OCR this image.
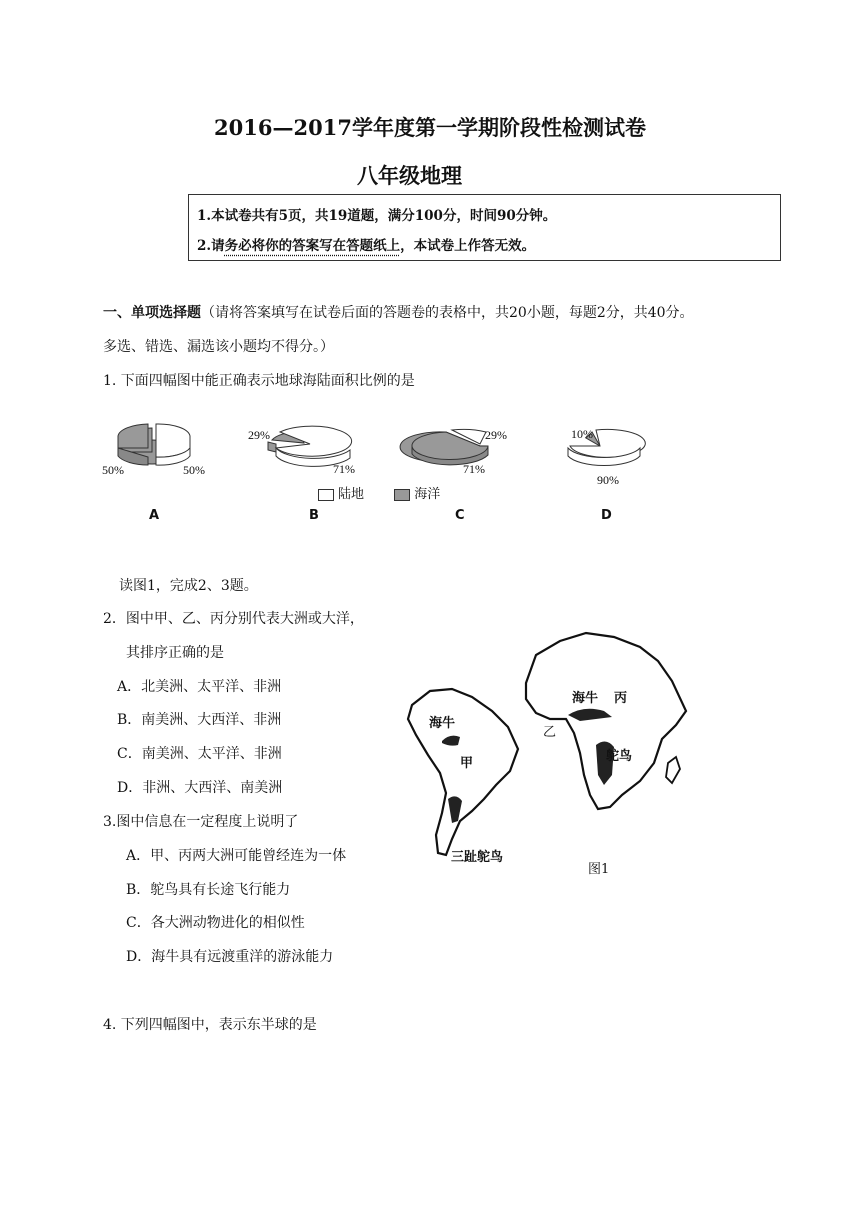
2016—2017学年度第一学期阶段性检测试卷
八年级地理
1.本试卷共有5页，共19道题，满分100分，时间90分钟。
2.请务必将你的答案写在答题纸上，本试卷上作答无效。
一、单项选择题（请将答案填写在试卷后面的答题卷的表格中，共20小题，每题2分，共40分。
多选、错选、漏选该小题均不得分。）
1. 下面四幅图中能正确表示地球海陆面积比例的是
50%	50%
29%
71%
29%
71%
10%
90%
陆地	海洋
A	B	C	D
读图1，完成2、3题。
2．图中甲、乙、丙分别代表大洲或大洋，
其排序正确的是
A．北美洲、太平洋、非洲
B．南美洲、大西洋、非洲
C．南美洲、太平洋、非洲
D．非洲、大西洋、南美洲
3.图中信息在一定程度上说明了
A．甲、丙两大洲可能曾经连为一体
B．鸵鸟具有长途飞行能力
C．各大洲动物进化的相似性
D．海牛具有远渡重洋的游泳能力
海牛
甲
三趾鸵鸟
海牛 丙
乙
鸵鸟
图1
4. 下列四幅图中，表示东半球的是
